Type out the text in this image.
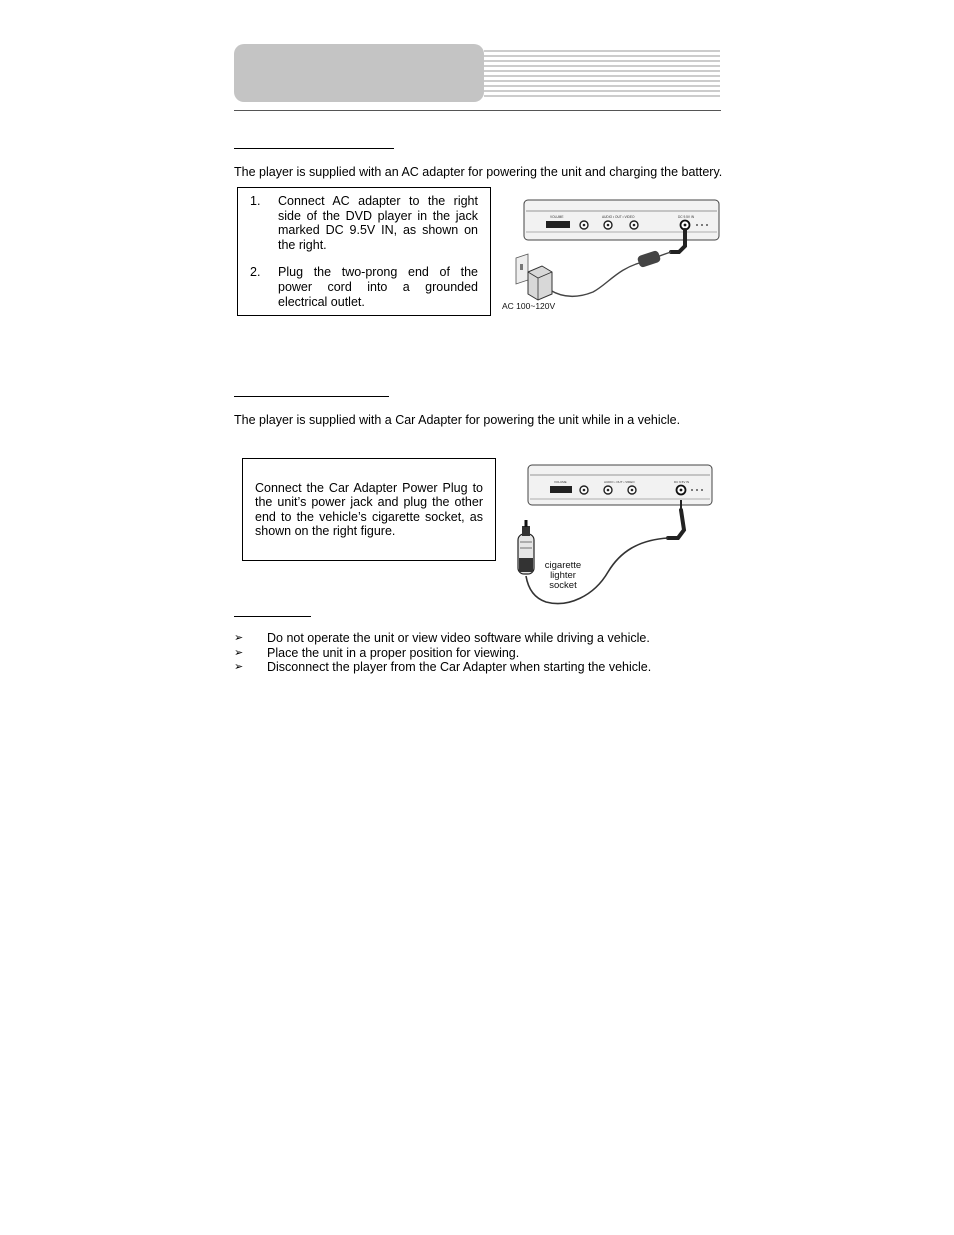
The player is supplied with an AC adapter for powering the unit and charging the battery.
1.	Connect AC adapter to the right side of the DVD player in the jack marked DC 9.5V IN, as shown on the right.
2.	Plug the two-prong end of the power cord into a grounded electrical outlet.
VOLUME	AUDIO • OUT • VIDEO	DC 9.5V IN
AC 100~120V
The player is supplied with a Car Adapter for powering the unit while in a vehicle.

Connect the Car Adapter Power Plug to the unit’s power jack and plug the other end to the vehicle’s cigarette socket, as shown on the right figure.

VOLUME	AUDIO • OUT • VIDEO	DC 9.5V IN
cigarette
lighter
socket
➢	Do not operate the unit or view video software while driving a vehicle.
➢	Place the unit in a proper position for viewing.
➢	Disconnect the player from the Car Adapter when starting the vehicle.
